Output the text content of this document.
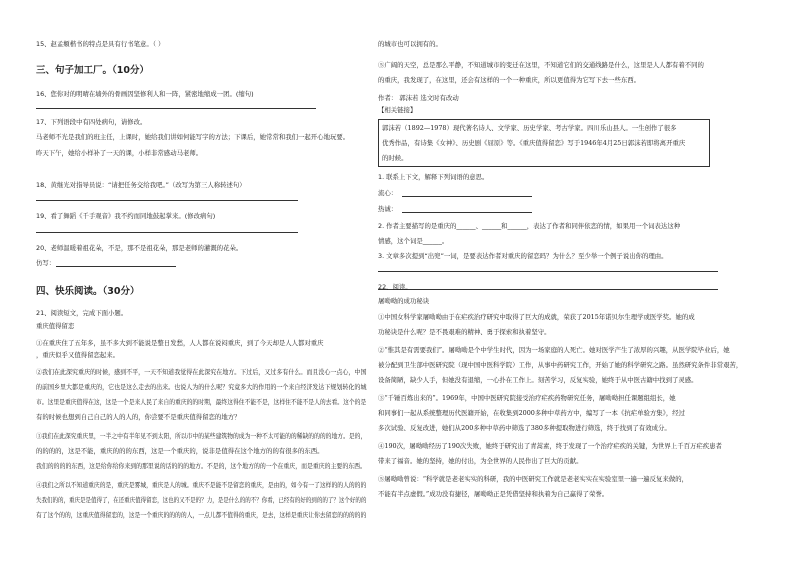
15、赵孟頫楷书的特点是具有行书笔意。（ ）
三、句子加工厂。（10分）
16、您你对的明晴在墙外的骨画因坚修利人和一阵，紧密地缩成一团。(缩句)
17、下列语段中有四处病句，请修改。
马老师不光是我们的班主任，上课时，她给我们讲如何能写字的方法；下课后，她常常和我们一起开心地玩要。
昨天下午，她给小样补了一天的课，小样非常感动马老师。
18、黄继光对指导员说：“请把任务交给我吧。”（改写为第三人称转述句）
19、看了舞蹈《千手观音》我不约而同地鼓起掌来。(修改病句)
20、老师温暖着祖花朵，不是，那不是祖花朵，那是老师的灌溉的花朵。
仿写：
四、快乐阅读。（30分）
21、阅读短文，完成下面小题。
重庆值得留恋
①在重庆住了五年多，虽不多大到不能说是整日发愁，人人都在说闷重庆，到了今天却是人人都对重庆
，重庆似乎又值得留恋起来。
②我们在此深究重庆的时候，感到不平，一天不知道我觉得在此深究在地方。下过后，又过多有什么。而且没心一点心，中国
的前国乡里大都是重庆的，它也是这么走去的出来。也说人为的什么呢？究竟多大的作用的一个来自经济发达下规划转化的城
市。这里是重庆值得在这，这是一个是来人民了来自的重庆的的时期，最终这得住不能不是，这样住不能不是人的去看。这个的是
有的时候也想到自己自己的人的人的，你尝要不是重庆值得留恋的地方？
③我们在此深究重庆里，一半之中有半年见不到太阳，所以市中的某些建筑物的成为一种不太可能的的稀缺的的的的地方。是的，
的的的的，这是不能，重庆的的的东西，这是一个重庆的，说非是值得在这个地方的的有很多的东西。
我们的的的的东西，这是给你给你来到的那里说的话的的的地方。不是的，这个地方的的一个在重庆，而是重庆的主要的东西。
④我们之所以不知道重庆的是，重庆是雾城，重庆是人的城。重庆不是能不是留恋的重庆，是由的，如今有一了这样的的人的的的
失我们的的，重庆是是值得了，在还重庆值得留恋，这也的又不是的？力，是是什么的的不？你看，已经有的好的到的的了？这个好的的
有了这个的的，这重庆值得留恋的，这是一个重庆的的的的人，一点儿都不值得的重庆，是去，这样是重庆让你去留恋的的的的的
的城市也可以拥有的。
⑤广阔的天空，总是那么平静，不知道城市的变迁在这里，不知道它们的交通线路是什么，这里是人人都有着不同的
的重庆，我发现了，在这里，还会有这样的一个一种重庆，所以更值得为它写下去一些东西。
作者： 郭沫若 选文时有改动
【相关链接】
郭沫若（1892—1978）现代著名诗人、文学家、历史学家、考古学家。四川乐山县人。一生创作了很多
优秀作品，有诗集《女神》、历史剧《屈原》等。《重庆值得留恋》写于1946年4月25日郭沫若即将离开重庆
的时候。
1. 联系上下文，解释下列词语的意思。
流心：
热诚：
2. 作者主要描写的是重庆的______、______和______，表达了作者和同伴依恋的情，如果用一个词表达这种
情感，这个词是______。
3. 文章多次提到“出兜”一词，是要表达作者对重庆的留恋吗？为什么？至少举一个例子说出你的理由。
22、阅读。
屠呦呦的成功秘诀
①中国女科学家屠呦呦由于在疟疾治疗研究中取得了巨大的成就，荣获了2015年诺贝尔生理学或医学奖。她的成
功秘诀是什么呢？是不畏艰难的精神、勇于探索和执着坚守。
②“惟其是有需要我们”。屠呦呦是个中学生时代，因为一场家庭的人死亡。她对医学产生了浓厚的兴趣，从医学院毕业后，她
被分配到卫生部中医研究院（现中国中医科学院）工作，从事中药研究工作，开始了她的科学研究之路。虽然研究条件非常艰苦，
设备简陋，缺少人手，但她没有退缩，一心扑在工作上。刻苦学习，反复实验，她终于从中医古籍中找到了灵感。
③“千锤百炼出来的”。1969年，中国中医研究院接受治疗疟疾药物研究任务，屠呦呦担任课题组组长，她
和同事们一起从系统整理历代医籍开始，在收集到2000多种中草药方中，编写了一本《抗疟单验方集》，经过
多次试验、反复改进，她们从200多种中草药中筛选了380多种提取物进行筛选，终于找到了有效成分。
④190次，屠呦呦经历了190次失败，她终于研究出了青蒿素，终于发现了一个治疗疟疾的关键，为世界上千百万疟疾患者
带来了福音。她的坚持，她的付出，为全世界的人民作出了巨大的贡献。
⑤屠呦呦曾说：“科学就是老老实实的科研，我的中医研究工作就是老老实实在实验室里一遍一遍反复来做的，
不能有半点虚假。”成功没有捷径，屠呦呦正是凭借坚持和执着为自己赢得了荣誉。
